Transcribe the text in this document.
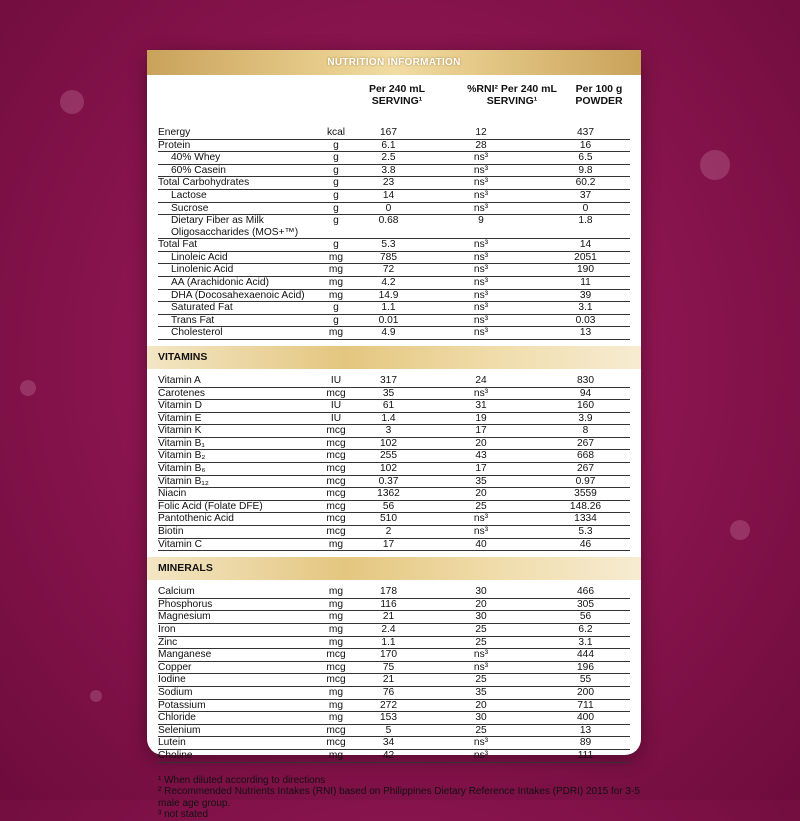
NUTRITION INFORMATION
Per 240 mL
SERVING¹
%RNI² Per 240 mL
SERVING¹
Per 100 g
POWDER
Energy	kcal	167	12	437
Protein	g	6.1	28	16
40% Whey	g	2.5	ns³	6.5
60% Casein	g	3.8	ns³	9.8
Total Carbohydrates	g	23	ns³	60.2
Lactose	g	14	ns³	37
Sucrose	g	0	ns³	0
Dietary Fiber as Milk Oligosaccharides (MOS+™)
g	0.68	9	1.8
Total Fat	g	5.3	ns³	14
Linoleic Acid	mg	785	ns³	2051
Linolenic Acid	mg	72	ns³	190
AA (Arachidonic Acid)	mg	4.2	ns³	11
DHA (Docosahexaenoic Acid)	mg	14.9	ns³	39
Saturated Fat	g	1.1	ns³	3.1
Trans Fat	g	0.01	ns³	0.03
Cholesterol	mg	4.9	ns³	13
VITAMINS
Vitamin A	IU	317	24	830
Carotenes	mcg	35	ns³	94
Vitamin D	IU	61	31	160
Vitamin E	IU	1.4	19	3.9
Vitamin K	mcg	3	17	8
Vitamin B₁	mcg	102	20	267
Vitamin B₂	mcg	255	43	668
Vitamin B₆	mcg	102	17	267
Vitamin B₁₂	mcg	0.37	35	0.97
Niacin	mcg	1362	20	3559
Folic Acid (Folate DFE)	mcg	56	25	148.26
Pantothenic Acid	mcg	510	ns³	1334
Biotin	mcg	2	ns³	5.3
Vitamin C	mg	17	40	46
MINERALS
Calcium	mg	178	30	466
Phosphorus	mg	116	20	305
Magnesium	mg	21	30	56
Iron	mg	2.4	25	6.2
Zinc	mg	1.1	25	3.1
Manganese	mcg	170	ns³	444
Copper	mcg	75	ns³	196
Iodine	mcg	21	25	55
Sodium	mg	76	35	200
Potassium	mg	272	20	711
Chloride	mg	153	30	400
Selenium	mcg	5	25	13
Lutein	mcg	34	ns³	89
Choline	mg	42	ns³	111
¹ When diluted according to directions
² Recommended Nutrients Intakes (RNI) based on Philippines Dietary Reference Intakes (PDRI) 2015 for 3-5 male age group.
³ not stated
